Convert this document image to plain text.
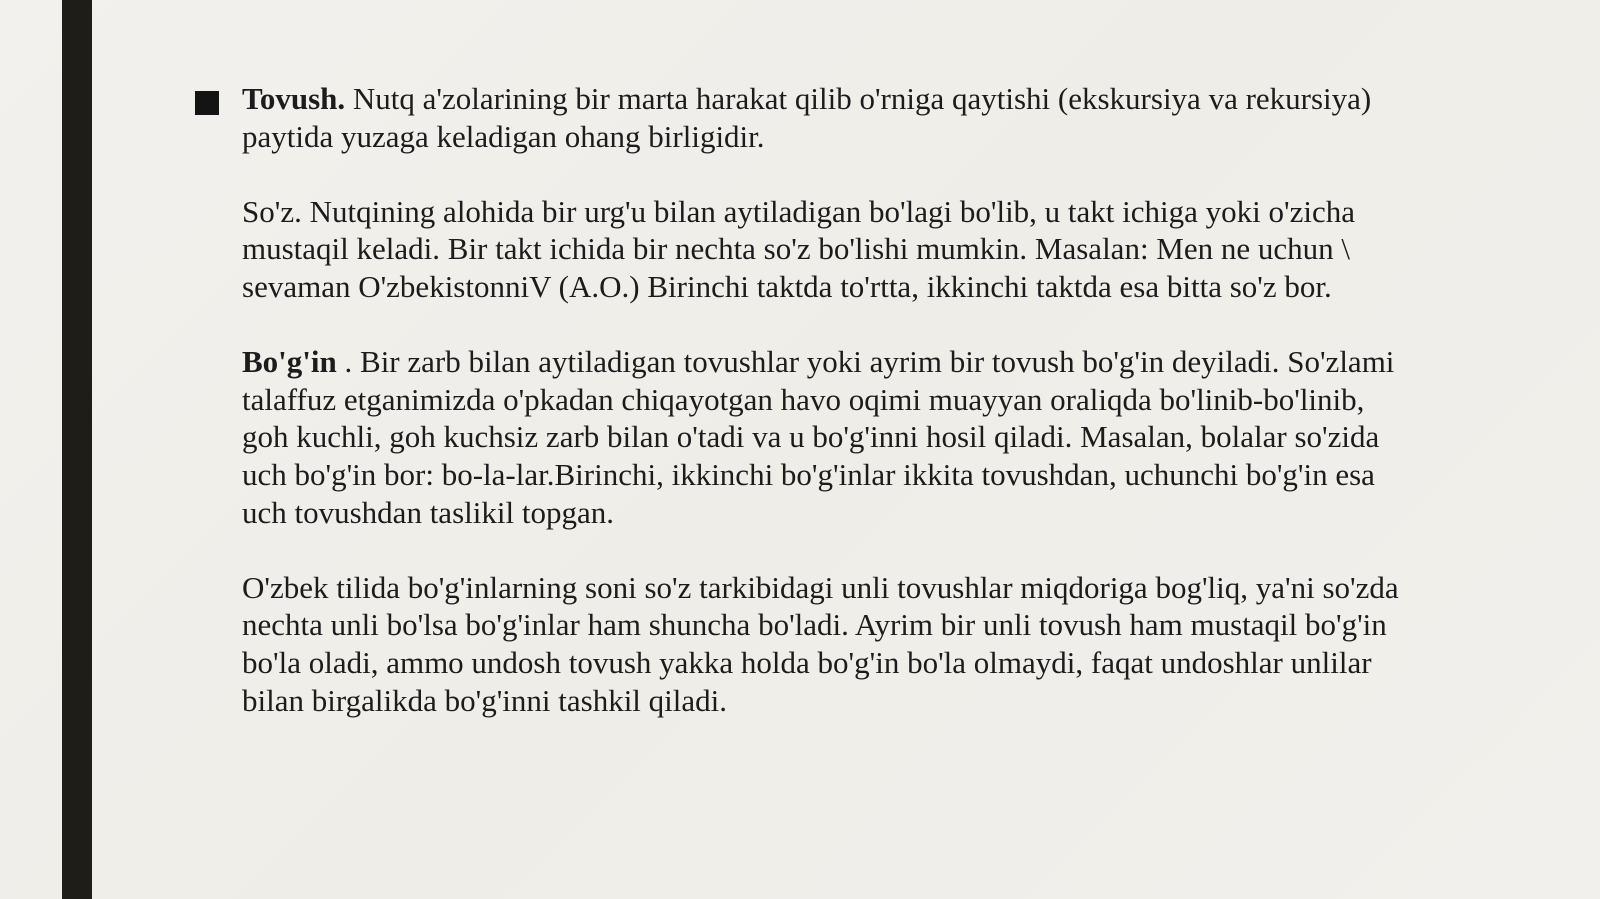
Tovush. Nutq a'zolarining bir marta harakat qilib o'rniga qaytishi (ekskursiya va rekursiya) paytida yuzaga keladigan ohang birligidir.

So'z. Nutqining alohida bir urg'u bilan aytiladigan bo'lagi bo'lib, u takt ichiga yoki o'zicha mustaqil keladi. Bir takt ichida bir nechta so'z bo'lishi mumkin. Masalan: Men ne uchun \ sevaman O'zbekistonniV (A.O.) Birinchi taktda to'rtta, ikkinchi taktda esa bitta so'z bor.

Bo'g'in . Bir zarb bilan aytiladigan tovushlar yoki ayrim bir tovush bo'g'in deyiladi. So'zlami talaffuz etganimizda o'pkadan chiqayotgan havo oqimi muayyan oraliqda bo'linib-bo'linib, goh kuchli, goh kuchsiz zarb bilan o'tadi va u bo'g'inni hosil qiladi. Masalan, bolalar so'zida uch bo'g'in bor: bo-la-lar.Birinchi, ikkinchi bo'g'inlar ikkita tovushdan, uchunchi bo'g'in esa uch tovushdan taslikil topgan.

O'zbek tilida bo'g'inlarning soni so'z tarkibidagi unli tovushlar miqdoriga bog'liq, ya'ni so'zda nechta unli bo'lsa bo'g'inlar ham shuncha bo'ladi. Ayrim bir unli tovush ham mustaqil bo'g'in bo'la oladi, ammo undosh tovush yakka holda bo'g'in bo'la olmaydi, faqat undoshlar unlilar bilan birgalikda bo'g'inni tashkil qiladi.
